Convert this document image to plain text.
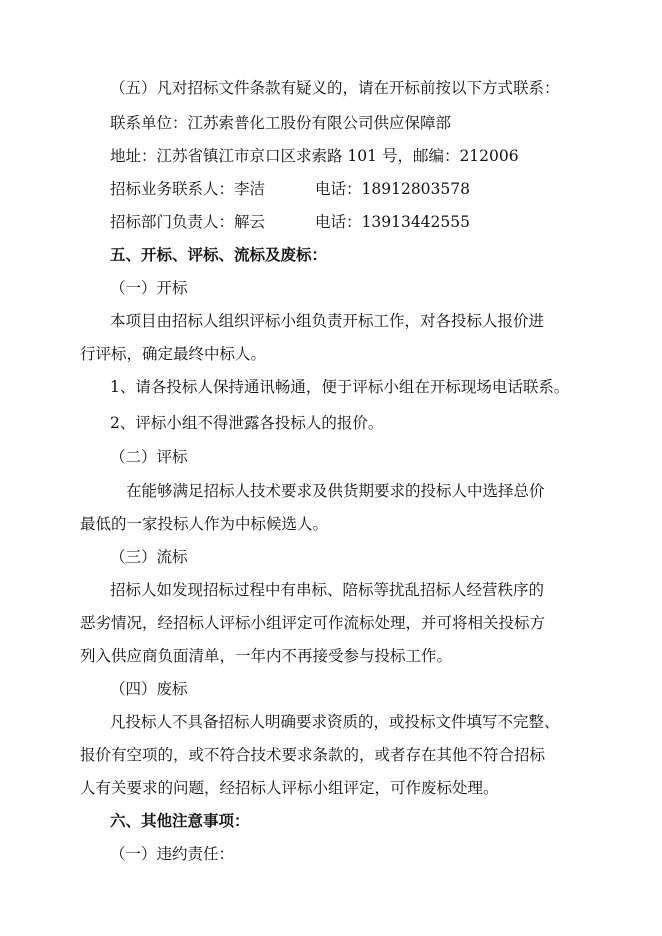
（五）凡对招标文件条款有疑义的，请在开标前按以下方式联系：
联系单位：江苏索普化工股份有限公司供应保障部
地址：江苏省镇江市京口区求索路 101 号，邮编：212006
招标业务联系人：李洁	电话：18912803578
招标部门负责人：解云	电话：13913442555
五、开标、评标、流标及废标：
（一）开标
本项目由招标人组织评标小组负责开标工作，对各投标人报价进
行评标，确定最终中标人。
1、请各投标人保持通讯畅通，便于评标小组在开标现场电话联系。
2、评标小组不得泄露各投标人的报价。
（二）评标
在能够满足招标人技术要求及供货期要求的投标人中选择总价
最低的一家投标人作为中标候选人。
（三）流标
招标人如发现招标过程中有串标、陪标等扰乱招标人经营秩序的
恶劣情况，经招标人评标小组评定可作流标处理，并可将相关投标方
列入供应商负面清单，一年内不再接受参与投标工作。
（四）废标
凡投标人不具备招标人明确要求资质的，或投标文件填写不完整、
报价有空项的，或不符合技术要求条款的，或者存在其他不符合招标
人有关要求的问题，经招标人评标小组评定，可作废标处理。
六、其他注意事项：
（一）违约责任：
